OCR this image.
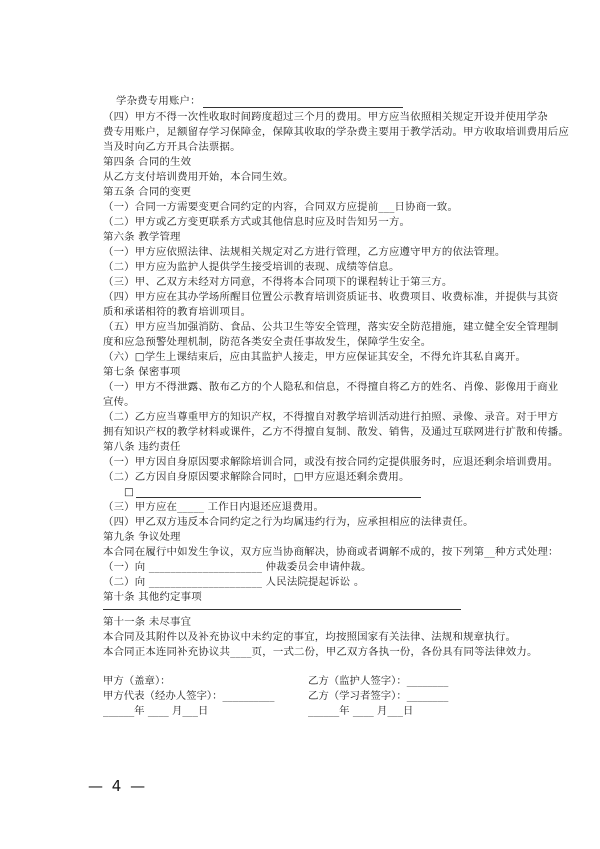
学杂费专用账户：
（四）甲方不得一次性收取时间跨度超过三个月的费用。甲方应当依照相关规定开设并使用学杂
费专用账户，足额留存学习保障金，保障其收取的学杂费主要用于教学活动。甲方收取培训费用后应
当及时向乙方开具合法票据。
第四条 合同的生效
从乙方支付培训费用开始，本合同生效。
第五条 合同的变更
（一）合同一方需要变更合同约定的内容，合同双方应提前___日协商一致。
（二）甲方或乙方变更联系方式或其他信息时应及时告知另一方。
第六条 教学管理
（一）甲方应依照法律、法规相关规定对乙方进行管理，乙方应遵守甲方的依法管理。
（二）甲方应为监护人提供学生接受培训的表现、成绩等信息。
（三）甲、乙双方未经对方同意，不得将本合同项下的课程转让于第三方。
（四）甲方应在其办学场所醒目位置公示教育培训资质证书、收费项目、收费标准，并提供与其资
质和承诺相符的教育培训项目。
（五）甲方应当加强消防、食品、公共卫生等安全管理，落实安全防范措施，建立健全安全管理制
度和应急预警处理机制，防范各类安全责任事故发生，保障学生安全。
（六）□学生上课结束后，应由其监护人接走，甲方应保证其安全，不得允许其私自离开。
第七条 保密事项
（一）甲方不得泄露、散布乙方的个人隐私和信息，不得擅自将乙方的姓名、肖像、影像用于商业
宣传。
（二）乙方应当尊重甲方的知识产权，不得擅自对教学培训活动进行拍照、录像、录音。对于甲方
拥有知识产权的教学材料或课件，乙方不得擅自复制、散发、销售，及通过互联网进行扩散和传播。
第八条 违约责任
（一）甲方因自身原因要求解除培训合同，或没有按合同约定提供服务时，应退还剩余培训费用。
（二）乙方因自身原因要求解除合同时，□甲方应退还剩余费用。
□
（三）甲方应在_____ 工作日内退还应退费用。
（四）甲乙双方违反本合同约定之行为均属违约行为，应承担相应的法律责任。
第九条 争议处理
本合同在履行中如发生争议，双方应当协商解决，协商或者调解不成的，按下列第__种方式处理：
（一）向 _____________________ 仲裁委员会申请仲裁。
（二）向 _____________________ 人民法院提起诉讼 。
第十条 其他约定事项
第十一条 未尽事宜
本合同及其附件以及补充协议中未约定的事宜，均按照国家有关法律、法规和规章执行。
本合同正本连同补充协议共____页，一式二份，甲乙双方各执一份，各份具有同等法律效力。
甲方（盖章）：
甲方代表（经办人签字）：__________
______年 ____ 月___日
乙方（监护人签字）：________
乙方（学习者签字）：________
______年 ____ 月___日
— 4 —
